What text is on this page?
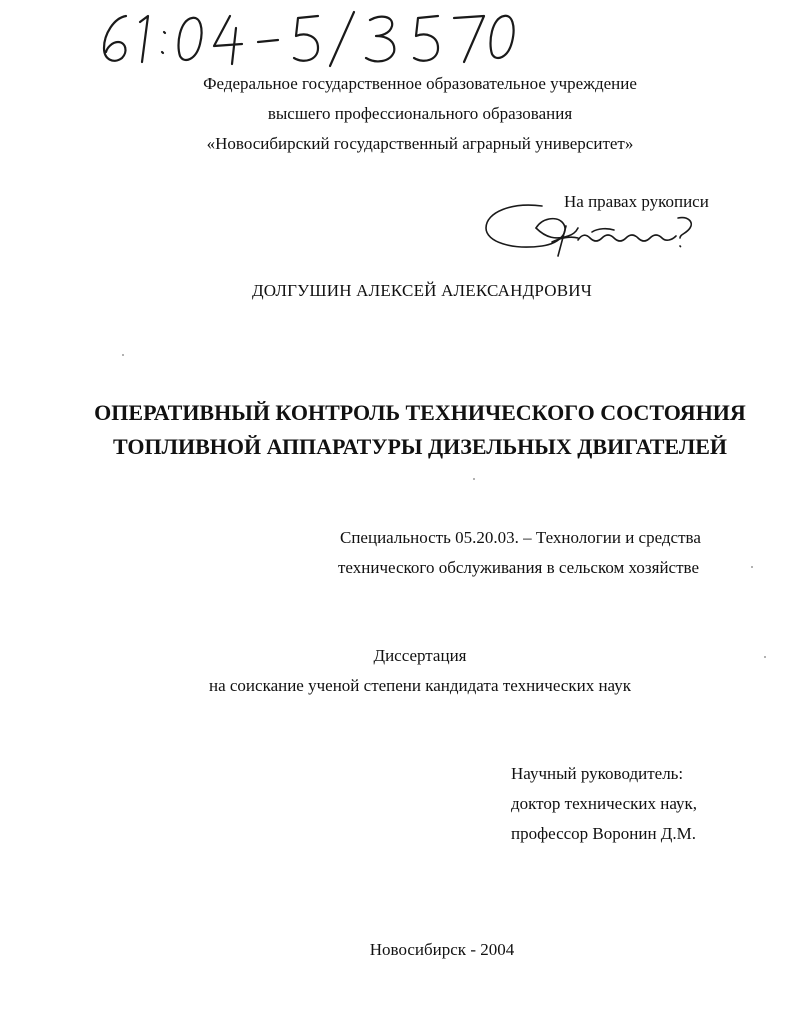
Федеральное государственное образовательное учреждение
высшего профессионального образования
«Новосибирский государственный аграрный университет»
На правах рукописи
ДОЛГУШИН АЛЕКСЕЙ АЛЕКСАНДРОВИЧ
ОПЕРАТИВНЫЙ КОНТРОЛЬ ТЕХНИЧЕСКОГО СОСТОЯНИЯ
ТОПЛИВНОЙ АППАРАТУРЫ ДИЗЕЛЬНЫХ ДВИГАТЕЛЕЙ
Специальность 05.20.03. – Технологии и средства
технического обслуживания в сельском хозяйстве
Диссертация
на соискание ученой степени кандидата технических наук
Научный руководитель:
доктор технических наук,
профессор Воронин Д.М.
Новосибирск - 2004
